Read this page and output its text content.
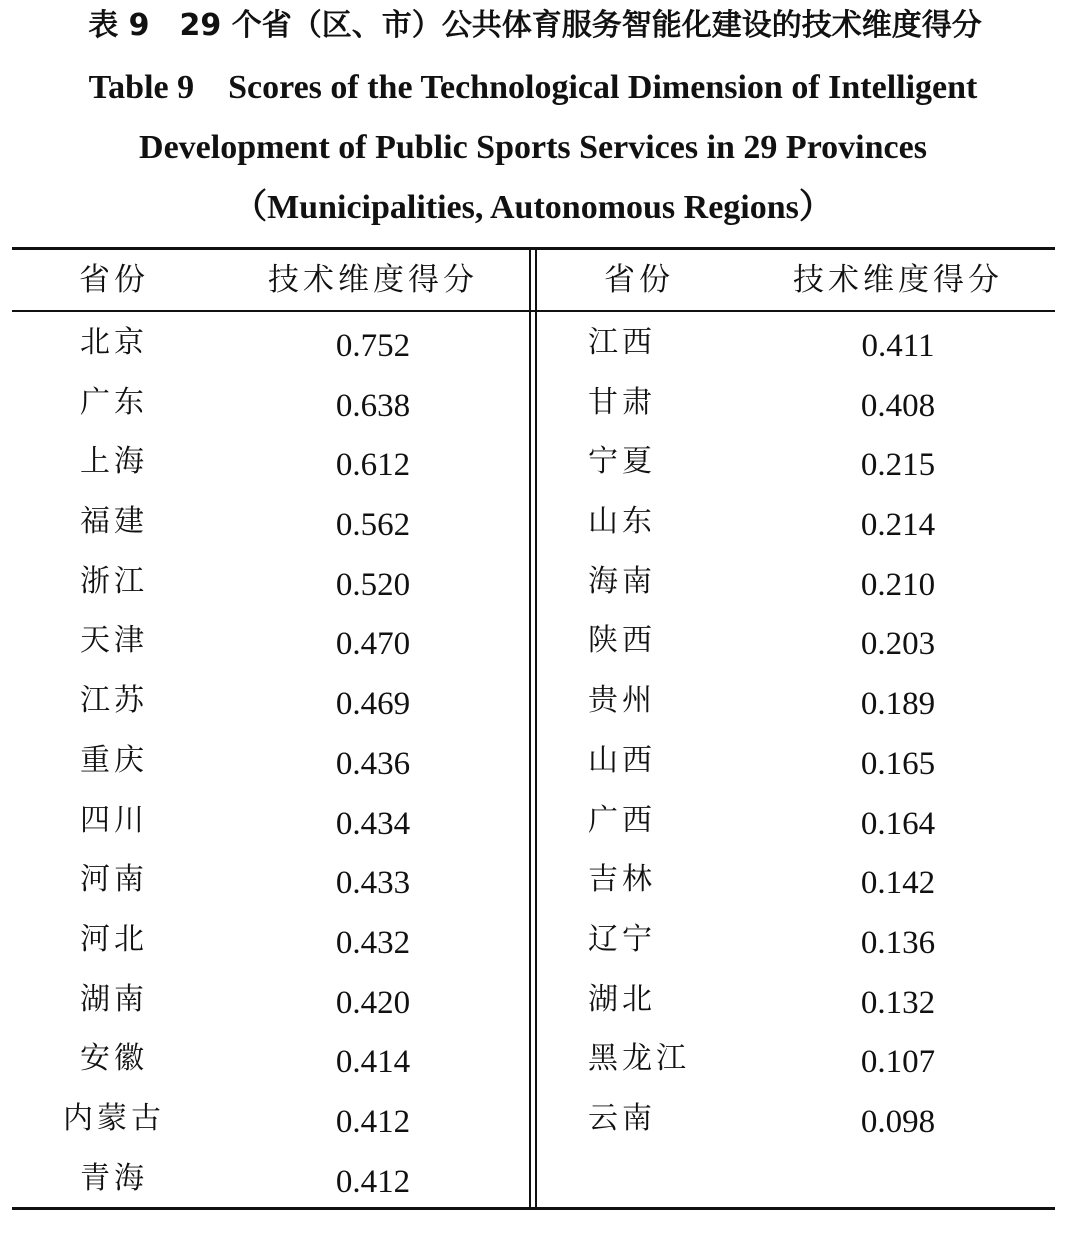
表 9　29 个省（区、市）公共体育服务智能化建设的技术维度得分
Table 9　Scores of the Technological Dimension of Intelligent
Development of Public Sports Services in 29 Provinces
（Municipalities, Autonomous Regions）
省份	技术维度得分
北京	0.752
广东	0.638
上海	0.612
福建	0.562
浙江	0.520
天津	0.470
江苏	0.469
重庆	0.436
四川	0.434
河南	0.433
河北	0.432
湖南	0.420
安徽	0.414
内蒙古	0.412
青海	0.412
省份	技术维度得分
江西	0.411
甘肃	0.408
宁夏	0.215
山东	0.214
海南	0.210
陕西	0.203
贵州	0.189
山西	0.165
广西	0.164
吉林	0.142
辽宁	0.136
湖北	0.132
黑龙江	0.107
云南	0.098
